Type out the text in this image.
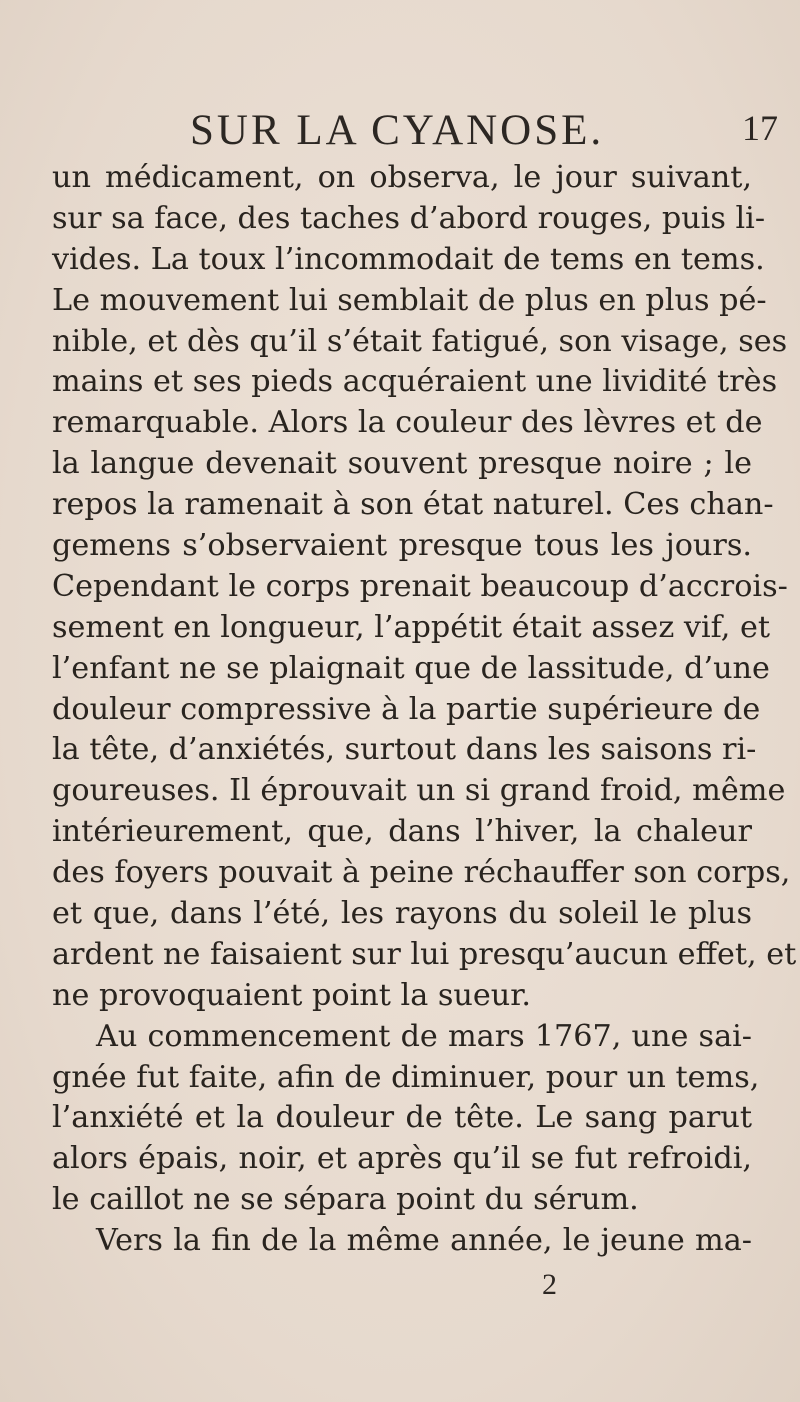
SUR LA CYANOSE.	17
un médicament, on observa, le jour suivant,
sur sa face, des taches d’abord rouges, puis li-
vides. La toux l’incommodait de tems en tems.
Le mouvement lui semblait de plus en plus pé-
nible, et dès qu’il s’était fatigué, son visage, ses
mains et ses pieds acquéraient une lividité très
remarquable. Alors la couleur des lèvres et de
la langue devenait souvent presque noire ; le
repos la ramenait à son état naturel. Ces chan-
gemens s’observaient presque tous les jours.
Cependant le corps prenait beaucoup d’accrois-
sement en longueur, l’appétit était assez vif, et
l’enfant ne se plaignait que de lassitude, d’une
douleur compressive à la partie supérieure de
la tête, d’anxiétés, surtout dans les saisons ri-
goureuses. Il éprouvait un si grand froid, même
intérieurement, que, dans l’hiver, la chaleur
des foyers pouvait à peine réchauffer son corps,
et que, dans l’été, les rayons du soleil le plus
ardent ne faisaient sur lui presqu’aucun effet, et
ne provoquaient point la sueur.
Au commencement de mars 1767, une sai-
gnée fut faite, afin de diminuer, pour un tems,
l’anxiété et la douleur de tête. Le sang parut
alors épais, noir, et après qu’il se fut refroidi,
le caillot ne se sépara point du sérum.
Vers la fin de la même année, le jeune ma-
2
